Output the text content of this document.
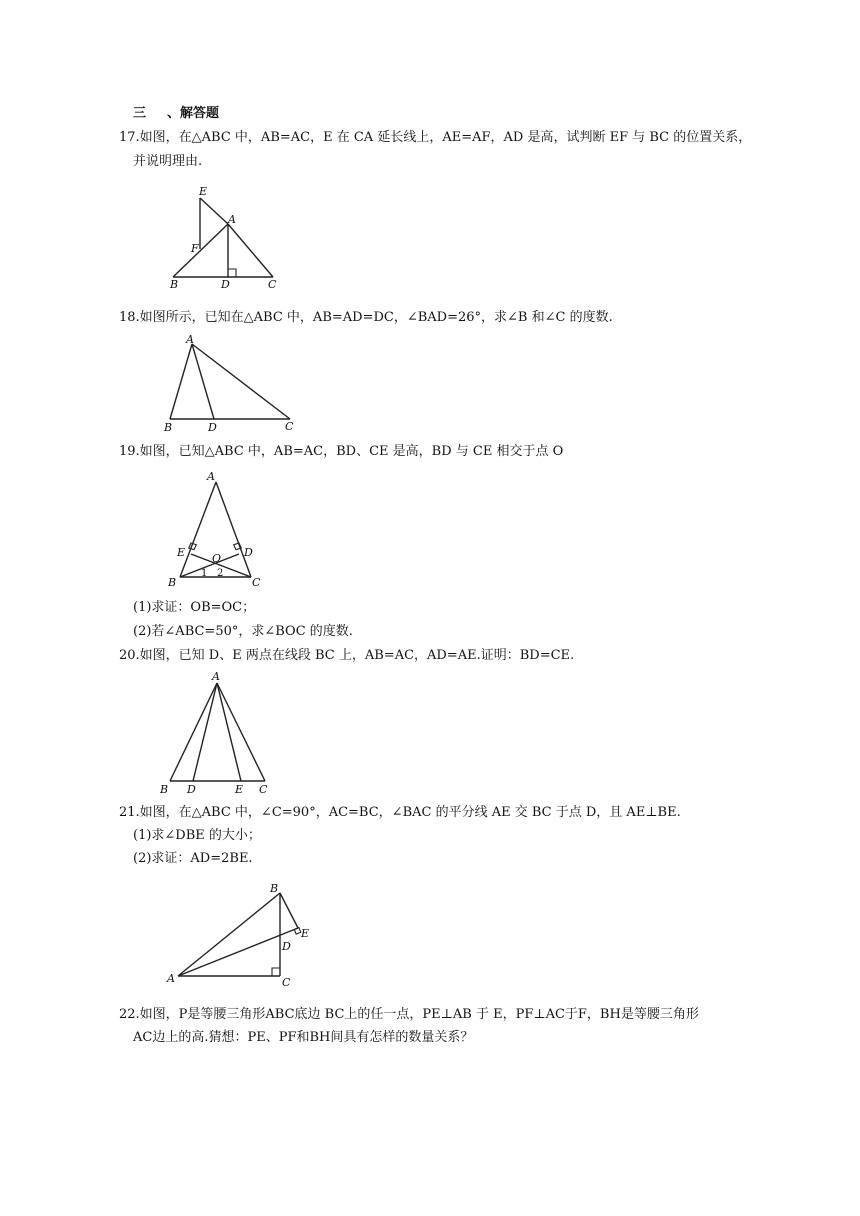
三 、解答题
17.如图，在△ABC 中，AB=AC，E 在 CA 延长线上，AE=AF，AD 是高，试判断 EF 与 BC 的位置关系，
并说明理由.
E
A
F
B	D	C
18.如图所示，已知在△ABC 中，AB=AD=DC，∠BAD=26°，求∠B 和∠C 的度数.
A
B	D	C
19.如图，已知△ABC 中，AB=AC，BD、CE 是高，BD 与 CE 相交于点 O
A
E O D
B
1 2
C
(1)求证：OB=OC；
(2)若∠ABC=50°，求∠BOC 的度数.
20.如图，已知 D、E 两点在线段 BC 上，AB=AC，AD=AE.证明：BD=CE.
A
B D	E C
21.如图，在△ABC 中，∠C=90°，AC=BC，∠BAC 的平分线 AE 交 BC 于点 D，且 AE⊥BE.
(1)求∠DBE 的大小；
(2)求证：AD=2BE.
B
E
D
A	C
22.如图，P是等腰三角形ABC底边 BC上的任一点，PE⊥AB 于 E，PF⊥AC于F，BH是等腰三角形
AC边上的高.猜想：PE、PF和BH间具有怎样的数量关系？
